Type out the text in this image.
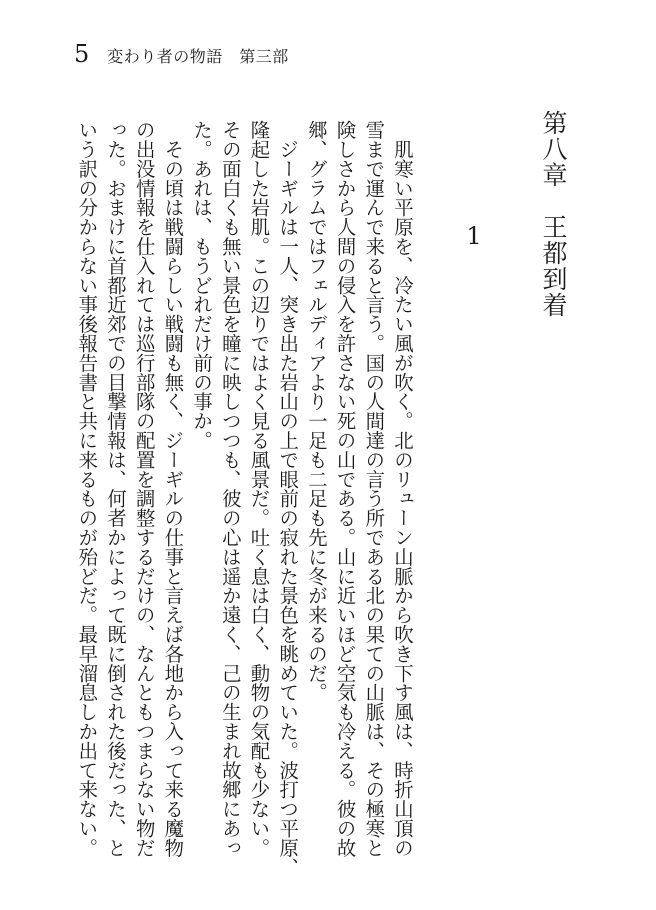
5 変わり者の物語　第三部
第八章　王都到着
1

　肌寒い平原を、冷たい風が吹く。北のリューン山脈から吹き下す風は、時折山頂の

雪まで運んで来ると言う。国の人間達の言う所である北の果ての山脈は、その極寒と

険しさから人間の侵入を許さない死の山である。山に近いほど空気も冷える。彼の故

郷、グラムではフェルディアより一足も二足も先に冬が来るのだ。

　ジーギルは一人、突き出た岩山の上で眼前の寂れた景色を眺めていた。波打つ平原、

隆起した岩肌。この辺りではよく見る風景だ。吐く息は白く、動物の気配も少ない。

その面白くも無い景色を瞳に映しつつも、彼の心は遥か遠く、己の生まれ故郷にあっ

た。あれは、もうどれだけ前の事か。

　その頃は戦闘らしい戦闘も無く、ジーギルの仕事と言えば各地から入って来る魔物

の出没情報を仕入れては巡行部隊の配置を調整するだけの、なんともつまらない物だ

った。おまけに首都近郊での目撃情報は、何者かによって既に倒された後だった、と

いう訳の分からない事後報告書と共に来るものが殆どだ。最早溜息しか出て来ない。
